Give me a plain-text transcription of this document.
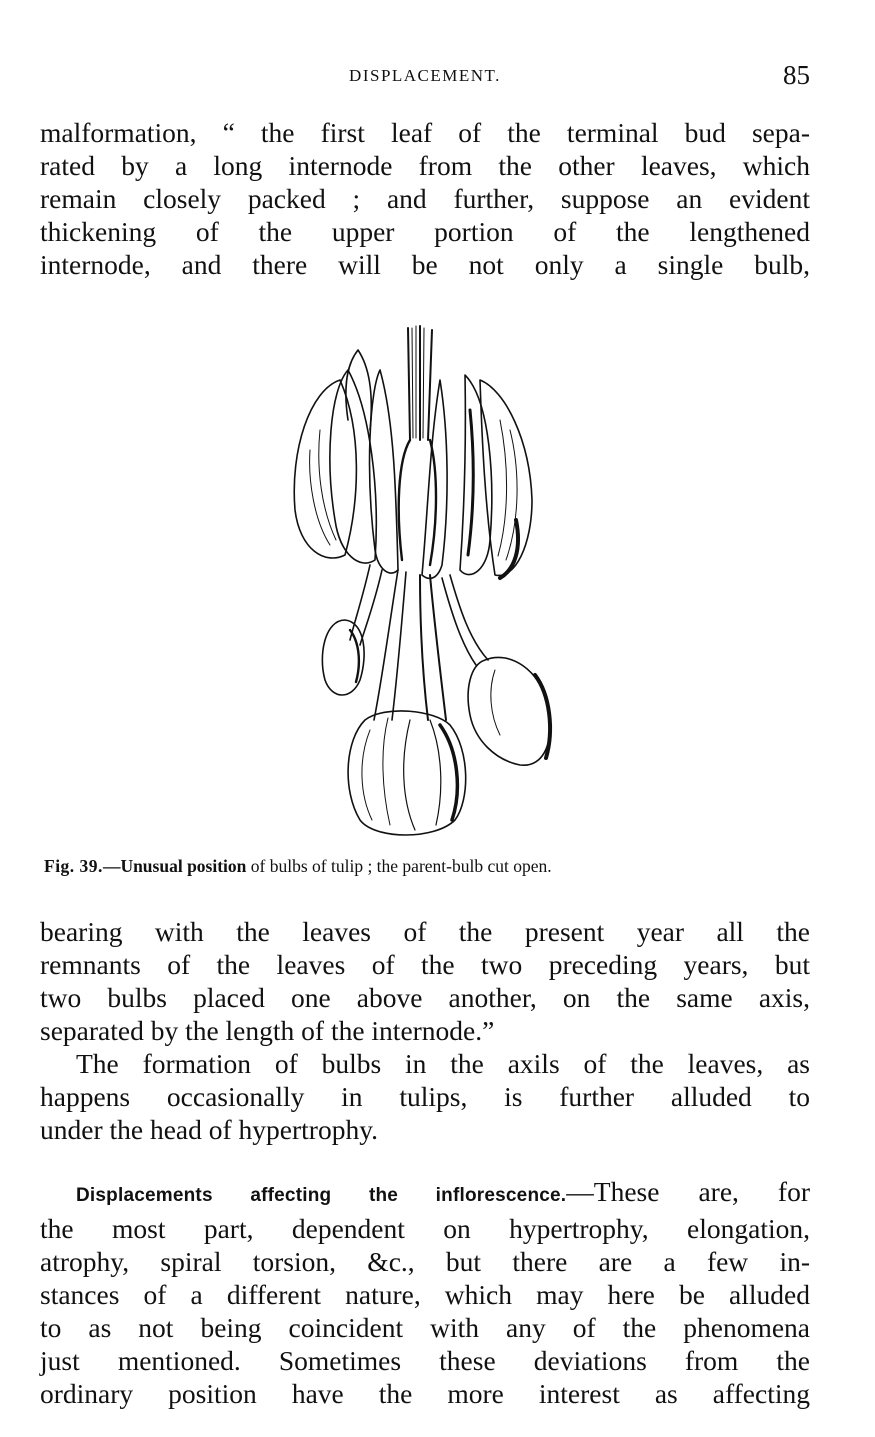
DISPLACEMENT.	85

malformation, “ the first leaf of the terminal bud sepa-
rated by a long internode from the other leaves, which
remain closely packed ; and further, suppose an evident
thickening of the upper portion of the lengthened
internode, and there will be not only a single bulb,

Fig. 39.—Unusual position of bulbs of tulip ; the parent-bulb cut open.

bearing with the leaves of the present year all the
remnants of the leaves of the two preceding years, but
two bulbs placed one above another, on the same axis,
separated by the length of the internode.”

The formation of bulbs in the axils of the leaves, as
happens occasionally in tulips, is further alluded to
under the head of hypertrophy.

Displacements affecting the inflorescence.—These are, for
the most part, dependent on hypertrophy, elongation,
atrophy, spiral torsion, &c., but there are a few in-
stances of a different nature, which may here be alluded
to as not being coincident with any of the phenomena
just mentioned. Sometimes these deviations from the
ordinary position have the more interest as affecting
